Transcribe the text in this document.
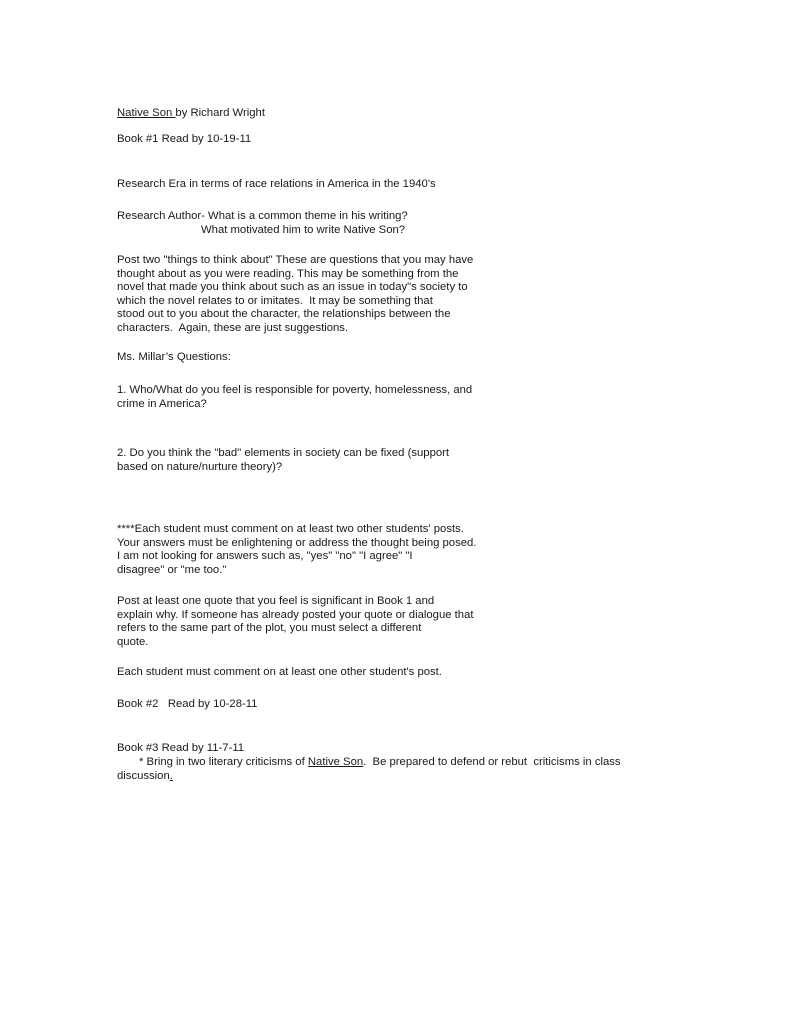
Native Son by Richard Wright

Book #1 Read by 10-19-11

Research Era in terms of race relations in America in the 1940's

Research Author- What is a common theme in his writing?
What motivated him to write Native Son?
Post two "things to think about" These are questions that you may have
thought about as you were reading. This may be something from the
novel that made you think about such as an issue in today"s society to
which the novel relates to or imitates.  It may be something that
stood out to you about the character, the relationships between the
characters.  Again, these are just suggestions.

Ms. Millar’s Questions:

1. Who/What do you feel is responsible for poverty, homelessness, and
crime in America?
2. Do you think the "bad" elements in society can be fixed (support
based on nature/nurture theory)?
****Each student must comment on at least two other students' posts.
Your answers must be enlightening or address the thought being posed.
I am not looking for answers such as, "yes" "no" "I agree" "I
disagree" or "me too."
Post at least one quote that you feel is significant in Book 1 and
explain why. If someone has already posted your quote or dialogue that
refers to the same part of the plot, you must select a different
quote.

Each student must comment on at least one other student's post.

Book #2   Read by 10-28-11

Book #3 Read by 11-7-11

* Bring in two literary criticisms of Native Son.  Be prepared to defend or rebut  criticisms in class

discussion.
